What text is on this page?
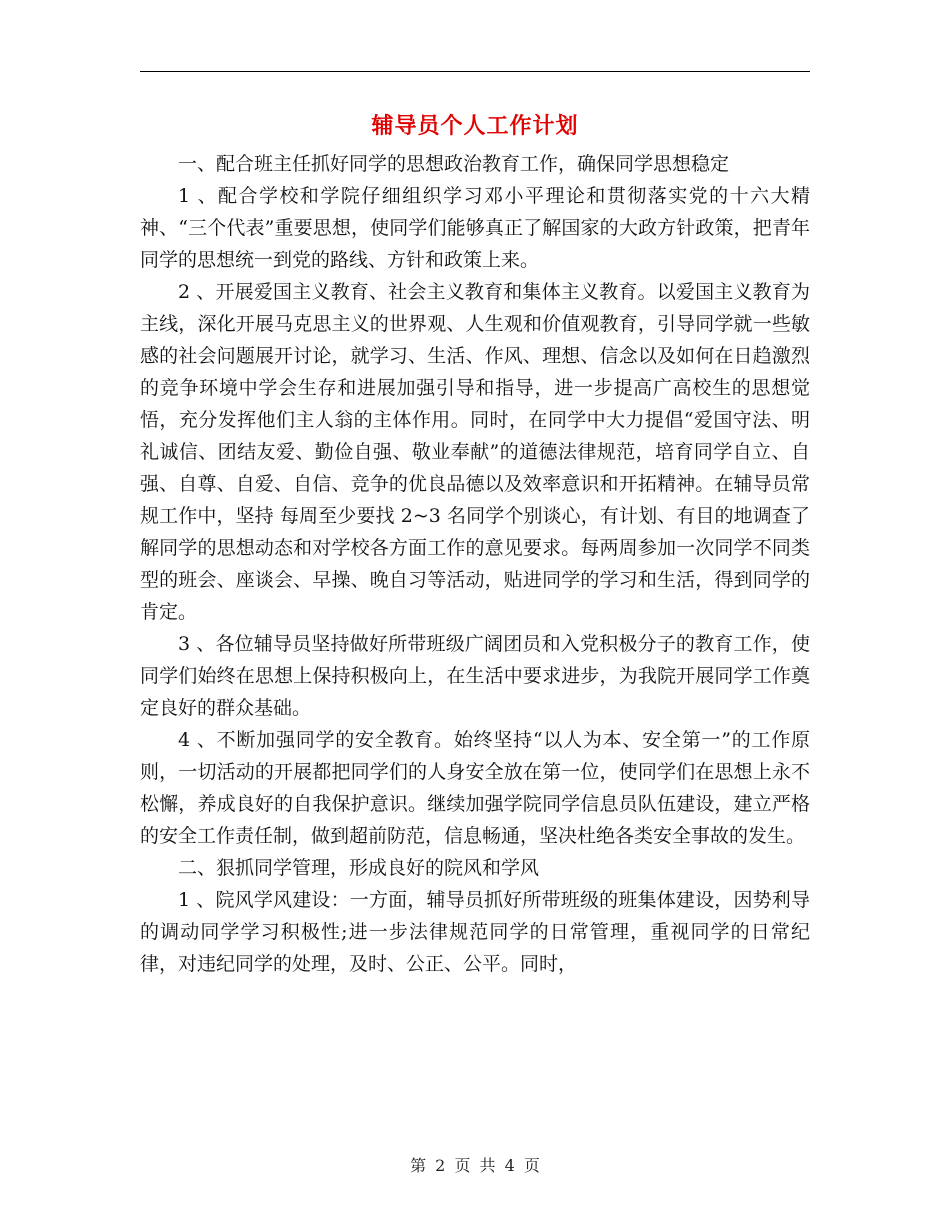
辅导员个人工作计划

一、配合班主任抓好同学的思想政治教育工作，确保同学思想稳定

1 、配合学校和学院仔细组织学习邓小平理论和贯彻落实党的十六大精神、“三个代表”重要思想，使同学们能够真正了解国家的大政方针政策，把青年同学的思想统一到党的路线、方针和政策上来。

2 、开展爱国主义教育、社会主义教育和集体主义教育。以爱国主义教育为主线，深化开展马克思主义的世界观、人生观和价值观教育，引导同学就一些敏感的社会问题展开讨论，就学习、生活、作风、理想、信念以及如何在日趋激烈的竞争环境中学会生存和进展加强引导和指导，进一步提高广高校生的思想觉悟，充分发挥他们主人翁的主体作用。同时，在同学中大力提倡“爱国守法、明礼诚信、团结友爱、勤俭自强、敬业奉献”的道德法律规范，培育同学自立、自强、自尊、自爱、自信、竞争的优良品德以及效率意识和开拓精神。在辅导员常规工作中，坚持 每周至少要找 2~3 名同学个别谈心，有计划、有目的地调查了解同学的思想动态和对学校各方面工作的意见要求。每两周参加一次同学不同类型的班会、座谈会、早操、晚自习等活动，贴进同学的学习和生活，得到同学的肯定。

3 、各位辅导员坚持做好所带班级广阔团员和入党积极分子的教育工作，使同学们始终在思想上保持积极向上，在生活中要求进步，为我院开展同学工作奠定良好的群众基础。

4 、不断加强同学的安全教育。始终坚持“以人为本、安全第一”的工作原则，一切活动的开展都把同学们的人身安全放在第一位，使同学们在思想上永不松懈，养成良好的自我保护意识。继续加强学院同学信息员队伍建设，建立严格的安全工作责任制，做到超前防范，信息畅通，坚决杜绝各类安全事故的发生。

二、狠抓同学管理，形成良好的院风和学风

1 、院风学风建设：一方面，辅导员抓好所带班级的班集体建设，因势利导的调动同学学习积极性;进一步法律规范同学的日常管理，重视同学的日常纪律，对违纪同学的处理，及时、公正、公平。同时，

第 2 页 共 4 页
